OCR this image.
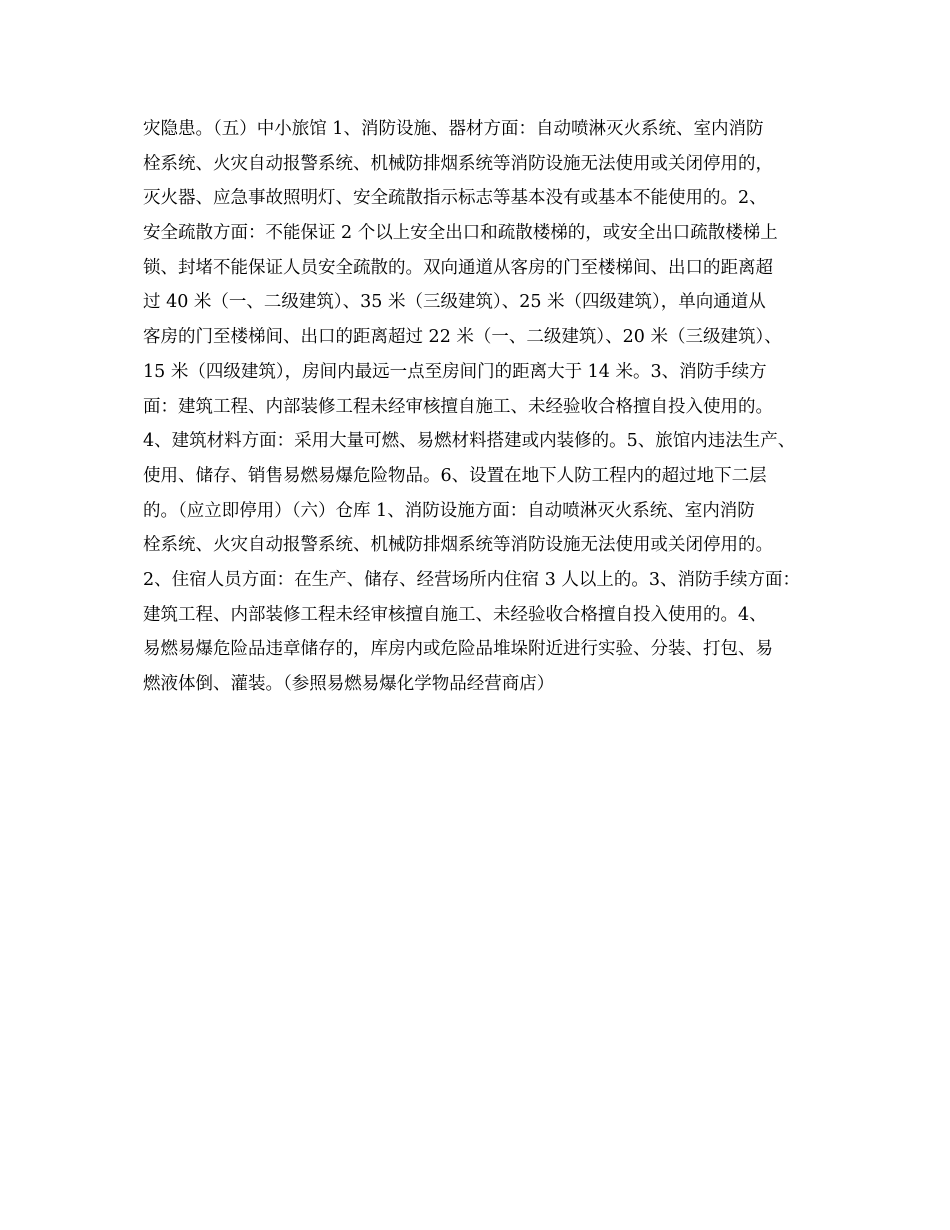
灾隐患。（五）中小旅馆 1、消防设施、器材方面：自动喷淋灭火系统、室内消防
栓系统、火灾自动报警系统、机械防排烟系统等消防设施无法使用或关闭停用的，
灭火器、应急事故照明灯、安全疏散指示标志等基本没有或基本不能使用的。2、
安全疏散方面：不能保证 2 个以上安全出口和疏散楼梯的，或安全出口疏散楼梯上
锁、封堵不能保证人员安全疏散的。双向通道从客房的门至楼梯间、出口的距离超
过 40 米（一、二级建筑）、35 米（三级建筑）、25 米（四级建筑），单向通道从
客房的门至楼梯间、出口的距离超过 22 米（一、二级建筑）、20 米（三级建筑）、
15 米（四级建筑），房间内最远一点至房间门的距离大于 14 米。3、消防手续方
面：建筑工程、内部装修工程未经审核擅自施工、未经验收合格擅自投入使用的。
4、建筑材料方面：采用大量可燃、易燃材料搭建或内装修的。5、旅馆内违法生产、
使用、储存、销售易燃易爆危险物品。6、设置在地下人防工程内的超过地下二层
的。（应立即停用）（六）仓库 1、消防设施方面：自动喷淋灭火系统、室内消防
栓系统、火灾自动报警系统、机械防排烟系统等消防设施无法使用或关闭停用的。
2、住宿人员方面：在生产、储存、经营场所内住宿 3 人以上的。3、消防手续方面：
建筑工程、内部装修工程未经审核擅自施工、未经验收合格擅自投入使用的。4、
易燃易爆危险品违章储存的，库房内或危险品堆垛附近进行实验、分装、打包、易
燃液体倒、灌装。（参照易燃易爆化学物品经营商店）
